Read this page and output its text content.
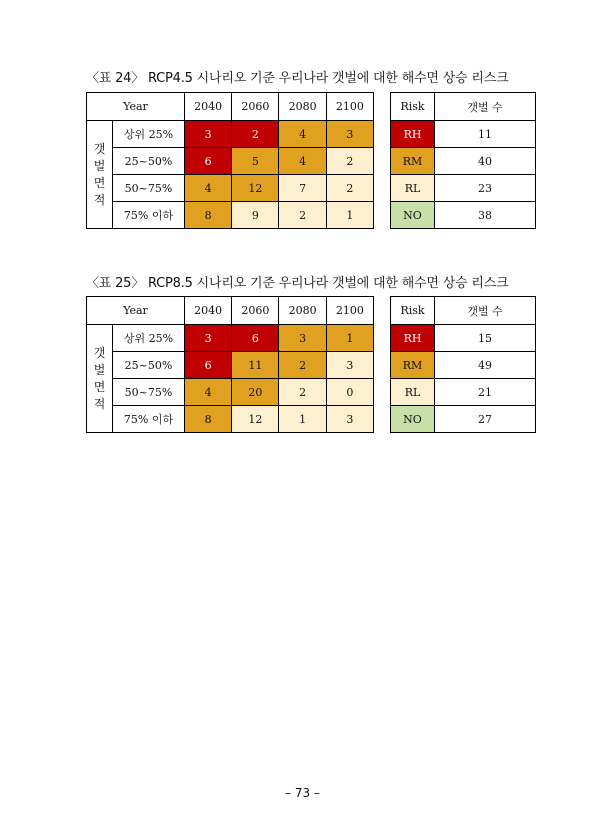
〈표 24〉 RCP4.5 시나리오 기준 우리나라 갯벌에 대한 해수면 상승 리스크
Year		2040	2060	2080	2100

갯
벌
면
적	상위 25%	3	2	4	3
	25~50%	6	5	4	2
	50~75%	4	12	7	2
	75% 이하	8	9	2	1
Risk	갯벌 수
RH	11
RM	40
RL	23
NO	38
〈표 25〉 RCP8.5 시나리오 기준 우리나라 갯벌에 대한 해수면 상승 리스크
Year		2040	2060	2080	2100

갯
벌
면
적	상위 25%	3	6	3	1
	25~50%	6	11	2	3
	50~75%	4	20	2	0
	75% 이하	8	12	1	3
Risk	갯벌 수
RH	15
RM	49
RL	21
NO	27
– 73 –
